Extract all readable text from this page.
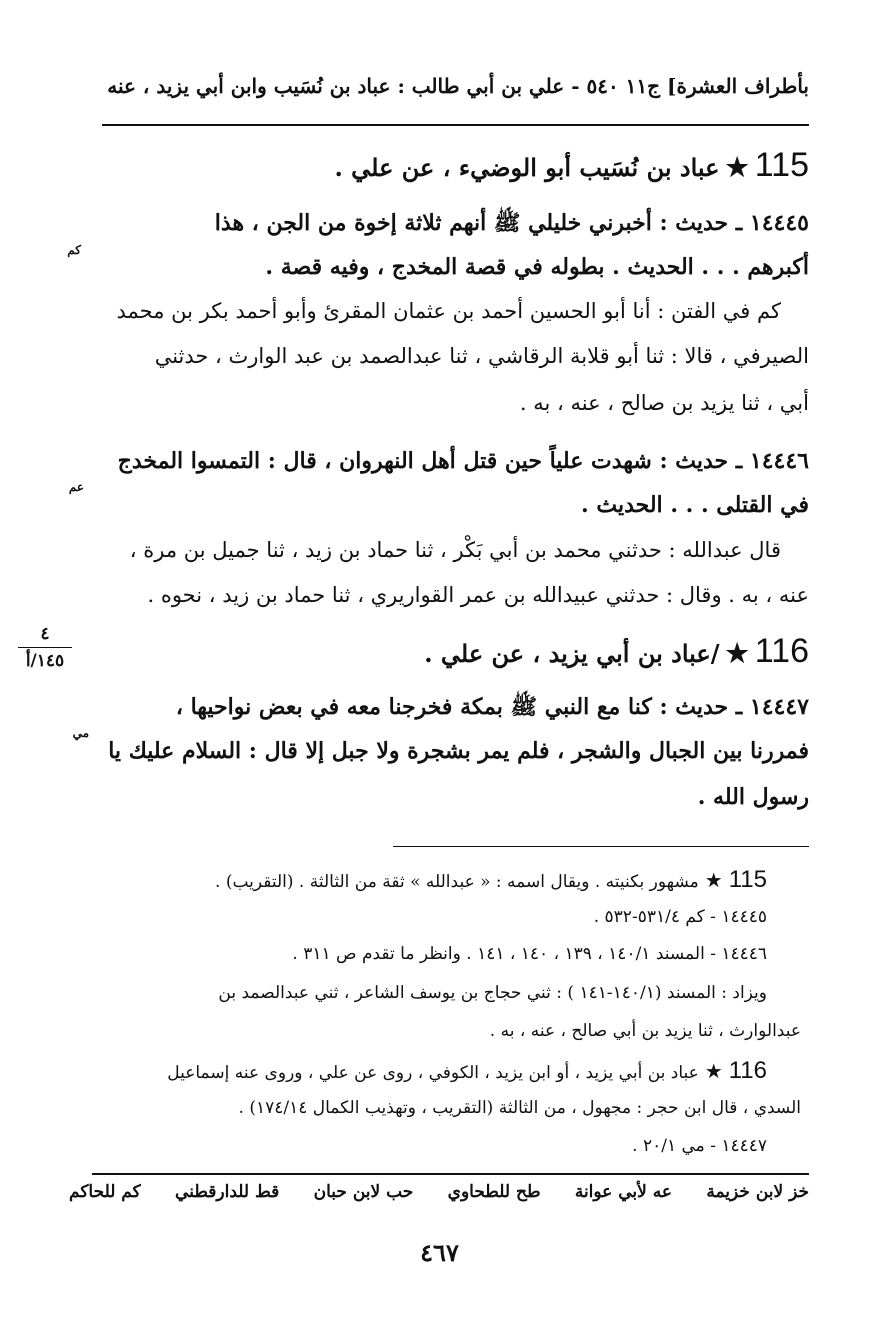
بأطراف العشرة] ج١١ ٥٤٠ - علي بن أبي طالب : عباد بن نُسَيب وابن أبي يزيد ، عنه
115★عباد بن نُسَيب أبو الوضيء ، عن علي .
١٤٤٤٥ ـ حديث : أخبرني خليلي ﷺ أنهم ثلاثة إخوة من الجن ، هذا
كم
أكبرهم . . . الحديث . بطوله في قصة المخدج ، وفيه قصة .
كم في الفتن : أنا أبو الحسين أحمد بن عثمان المقرئ وأبو أحمد بكر بن محمد
الصيرفي ، قالا : ثنا أبو قلابة الرقاشي ، ثنا عبدالصمد بن عبد الوارث ، حدثني
أبي ، ثنا يزيد بن صالح ، عنه ، به .
١٤٤٤٦ ـ حديث : شهدت علياً حين قتل أهل النهروان ، قال : التمسوا المخدج
عم
في القتلى . . . الحديث .
قال عبدالله : حدثني محمد بن أبي بَكْر ، ثنا حماد بن زيد ، ثنا جميل بن مرة ،
عنه ، به . وقال : حدثني عبيدالله بن عمر القواريري ، ثنا حماد بن زيد ، نحوه .
٤
١٤٥/أ	116★/عباد بن أبي يزيد ، عن علي .
١٤٤٤٧ ـ حديث : كنا مع النبي ﷺ بمكة فخرجنا معه في بعض نواحيها ،
مي
فمررنا بين الجبال والشجر ، فلم يمر بشجرة ولا جبل إلا قال : السلام عليك يا
رسول الله .
115★مشهور بكنيته . ويقال اسمه : « عبدالله » ثقة من الثالثة . (التقريب) .
١٤٤٤٥ - كم ٥٣١/٤-٥٣٢ .
١٤٤٤٦ - المسند ١٤٠/١ ، ١٣٩ ، ١٤٠ ، ١٤١ . وانظر ما تقدم ص ٣١١ .
ويزاد : المسند (١٤٠/١-١٤١ ) : ثني حجاج بن يوسف الشاعر ، ثني عبدالصمد بن
عبدالوارث ، ثنا يزيد بن أبي صالح ، عنه ، به .
116★عباد بن أبي يزيد ، أو ابن يزيد ، الكوفي ، روى عن علي ، وروى عنه إسماعيل
السدي ، قال ابن حجر : مجهول ، من الثالثة (التقريب ، وتهذيب الكمال ١٧٤/١٤) .
١٤٤٤٧ - مي ٢٠/١ .
خز لابن خزيمة
عه لأبي عوانة
طح للطحاوي
حب لابن حبان
قط للدارقطني
كم للحاكم
٤٦٧
